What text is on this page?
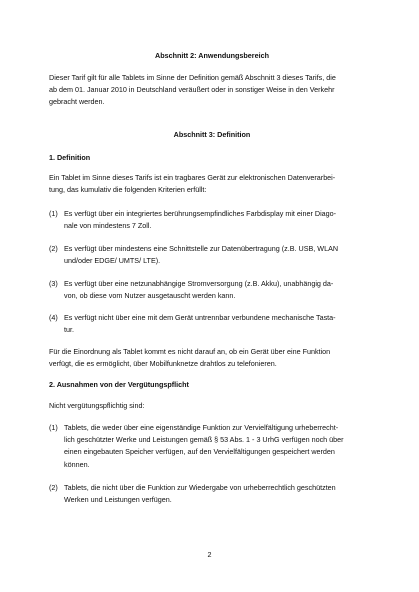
Abschnitt 2: Anwendungsbereich
Dieser Tarif gilt für alle Tablets im Sinne der Definition gemäß Abschnitt 3 dieses Tarifs, die
ab dem 01. Januar 2010 in Deutschland veräußert oder in sonstiger Weise in den Verkehr
gebracht werden.
Abschnitt 3: Definition
1. Definition
Ein Tablet im Sinne dieses Tarifs ist ein tragbares Gerät zur elektronischen Datenverarbei-
tung, das kumulativ die folgenden Kriterien erfüllt:
(1) Es verfügt über ein integriertes berührungsempfindliches Farbdisplay mit einer Diago-
nale von mindestens 7 Zoll.
(2) Es verfügt über mindestens eine Schnittstelle zur Datenübertragung (z.B. USB, WLAN
und/oder EDGE/ UMTS/ LTE).
(3) Es verfügt über eine netzunabhängige Stromversorgung (z.B. Akku), unabhängig da-
von, ob diese vom Nutzer ausgetauscht werden kann.
(4) Es verfügt nicht über eine mit dem Gerät untrennbar verbundene mechanische Tasta-
tur.
Für die Einordnung als Tablet kommt es nicht darauf an, ob ein Gerät über eine Funktion
verfügt, die es ermöglicht, über Mobilfunknetze drahtlos zu telefonieren.
2. Ausnahmen von der Vergütungspflicht
Nicht vergütungspflichtig sind:
(1) Tablets, die weder über eine eigenständige Funktion zur Vervielfältigung urheberrecht-
lich geschützter Werke und Leistungen gemäß § 53 Abs. 1 - 3 UrhG verfügen noch über
einen eingebauten Speicher verfügen, auf den Vervielfältigungen gespeichert werden
können.
(2) Tablets, die nicht über die Funktion zur Wiedergabe von urheberrechtlich geschützten
Werken und Leistungen verfügen.
2
